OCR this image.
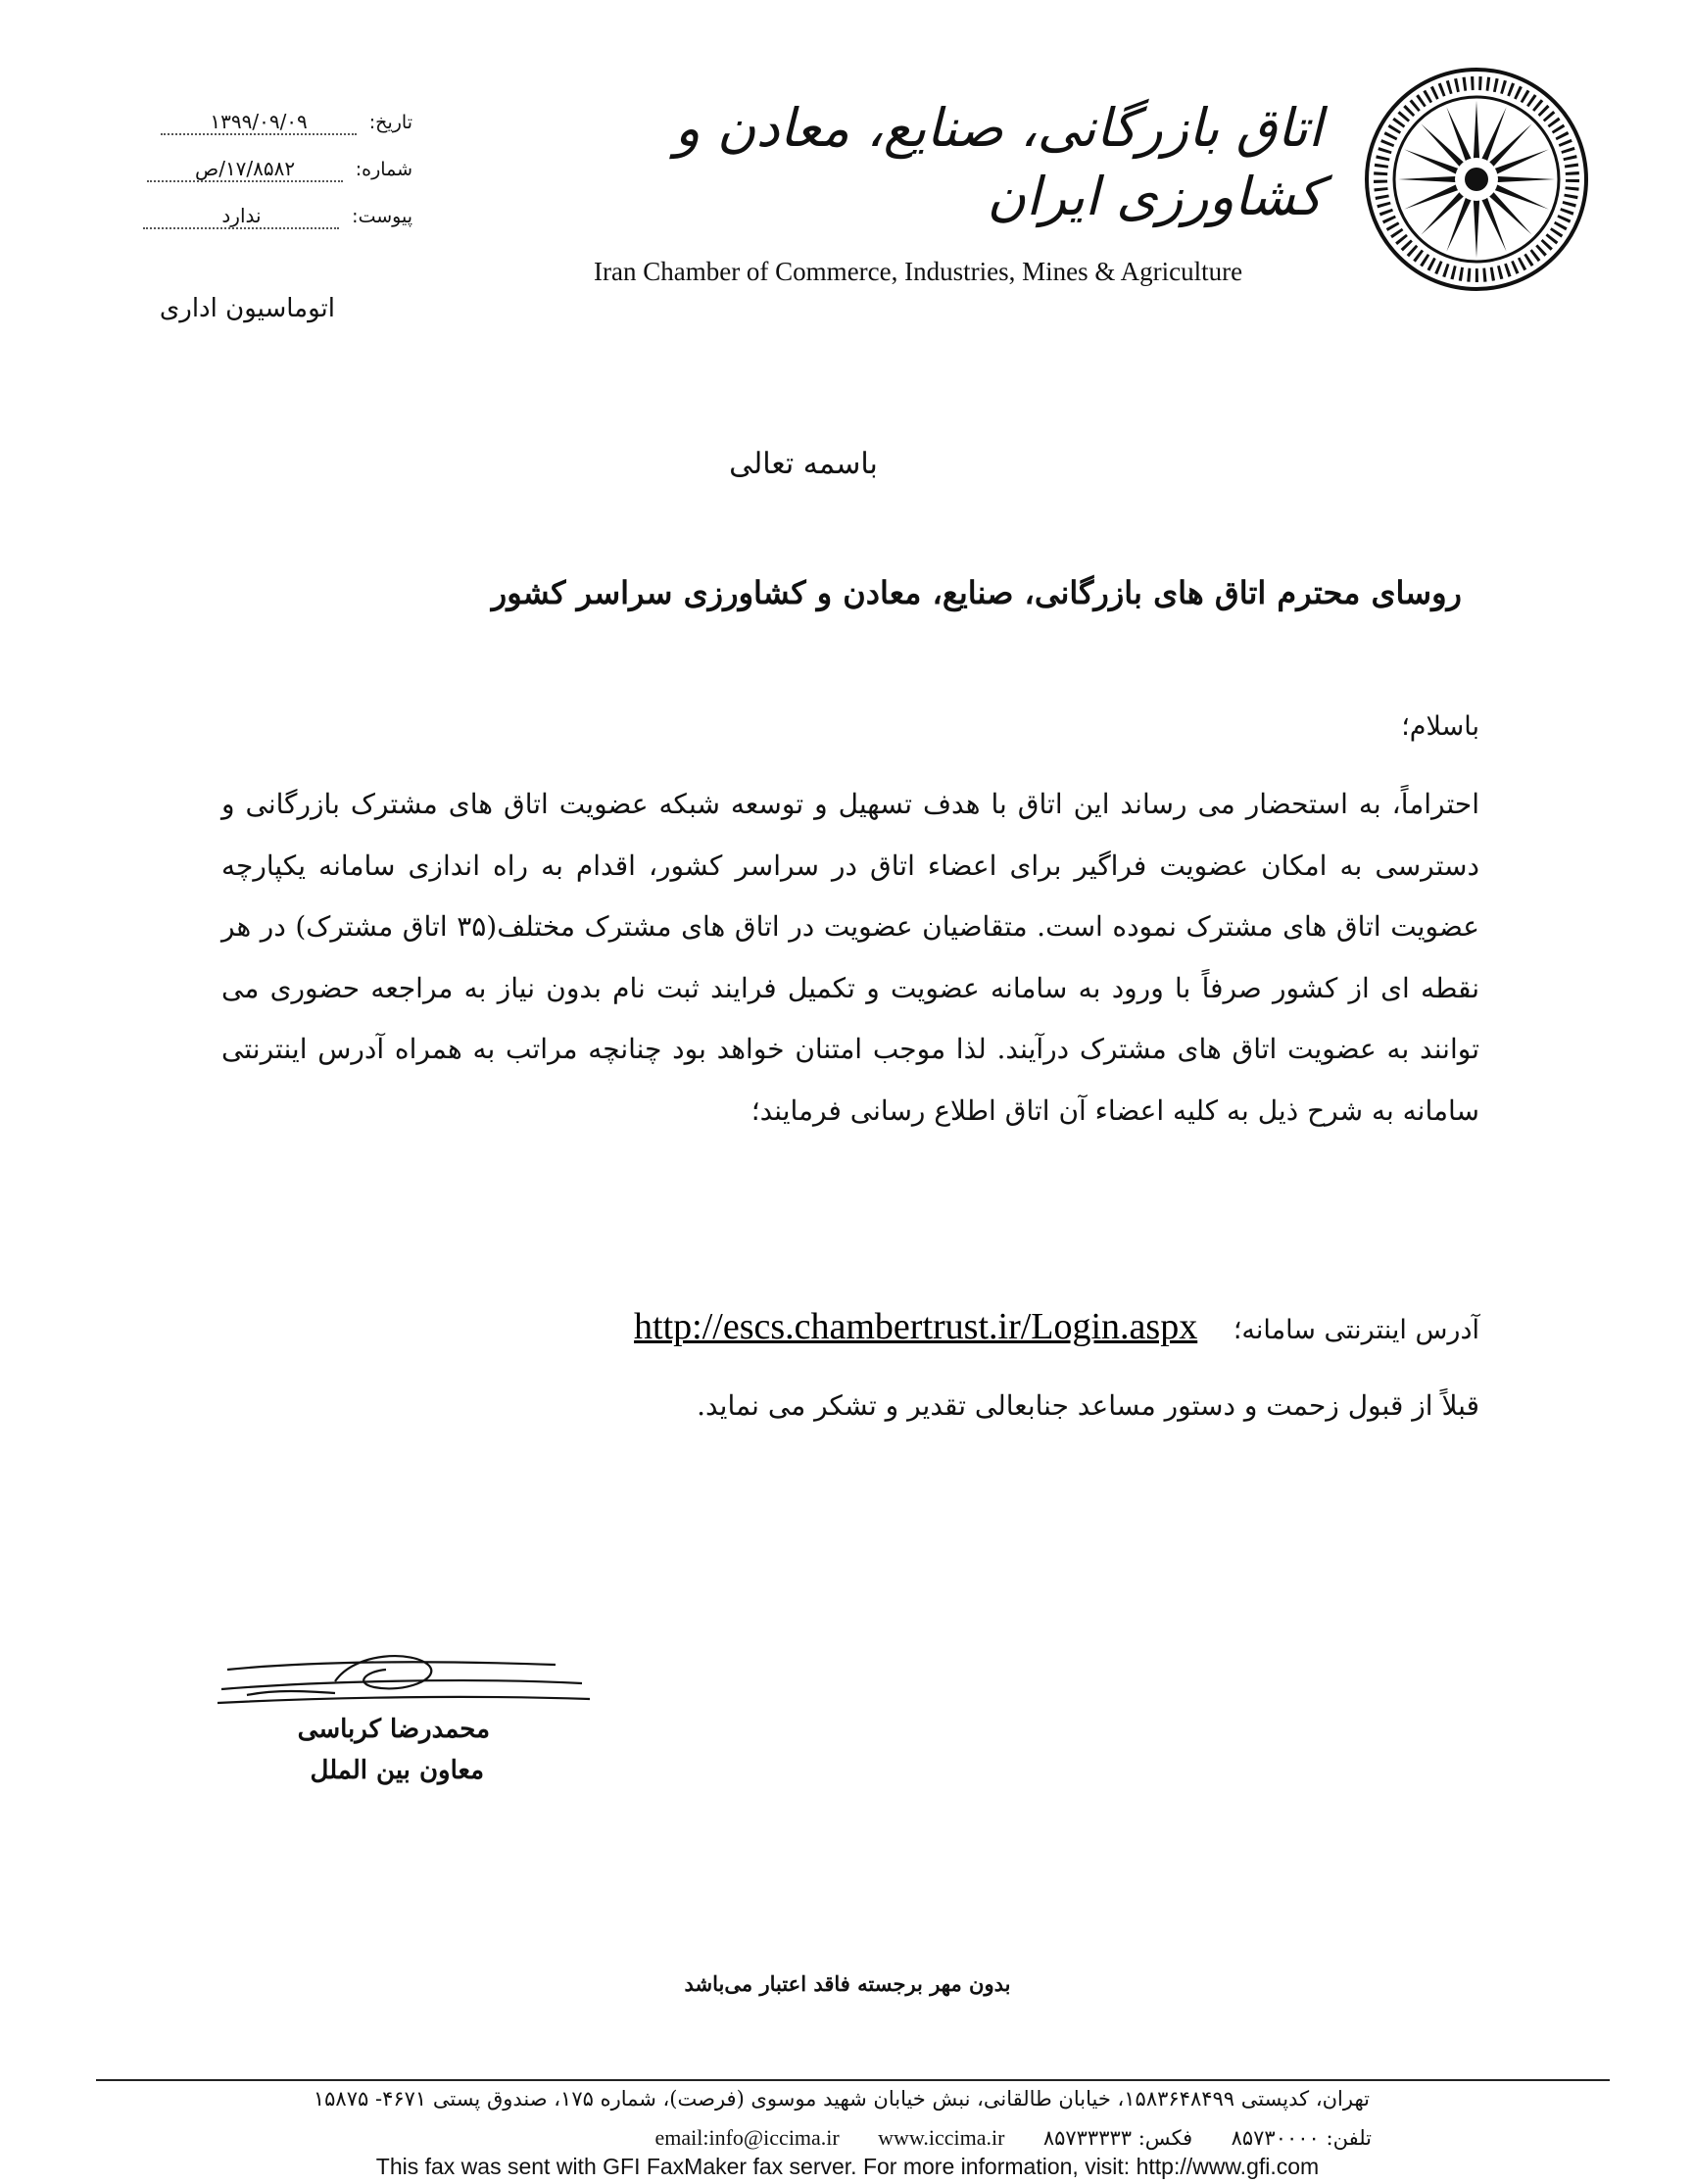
اتاق بازرگانی، صنایع، معادن و کشاورزی ایران
Iran Chamber of Commerce, Industries, Mines & Agriculture
تاریخ: ۱۳۹۹/۰۹/۰۹
شماره: ۱۷/۸۵۸۲/ص
پیوست: ندارد
اتوماسیون اداری
باسمه تعالی
روسای محترم اتاق های بازرگانی، صنایع، معادن و کشاورزی سراسر کشور
باسلام؛
احتراماً، به استحضار می رساند این اتاق با هدف تسهیل و توسعه شبکه عضویت اتاق های مشترک بازرگانی و دسترسی به امکان عضویت فراگیر برای اعضاء اتاق در سراسر کشور، اقدام به راه اندازی سامانه یکپارچه عضویت اتاق های مشترک نموده است. متقاضیان عضویت در اتاق های مشترک مختلف(۳۵ اتاق مشترک) در هر نقطه ای از کشور صرفاً با ورود به سامانه عضویت و تکمیل فرایند ثبت نام بدون نیاز به مراجعه حضوری می توانند به عضویت اتاق های مشترک درآیند. لذا موجب امتنان خواهد بود چنانچه مراتب به همراه آدرس اینترنتی سامانه به شرح ذیل به کلیه اعضاء آن اتاق اطلاع رسانی فرمایند؛
آدرس اینترنتی سامانه؛ http://escs.chambertrust.ir/Login.aspx
قبلاً از قبول زحمت و دستور مساعد جنابعالی تقدیر و تشکر می نماید.
محمدرضا کرباسی
معاون بین الملل
بدون مهر برجسته فاقد اعتبار می‌باشد
تهران، کدپستی ۱۵۸۳۶۴۸۴۹۹، خیابان طالقانی، نبش خیابان شهید موسوی (فرصت)، شماره ۱۷۵، صندوق پستی ۴۶۷۱- ۱۵۸۷۵
تلفن: ۸۵۷۳۰۰۰۰  فکس: ۸۵۷۳۳۳۳۳  email:info@iccima.ir www.iccima.ir
This fax was sent with GFI FaxMaker fax server. For more information, visit: http://www.gfi.com
